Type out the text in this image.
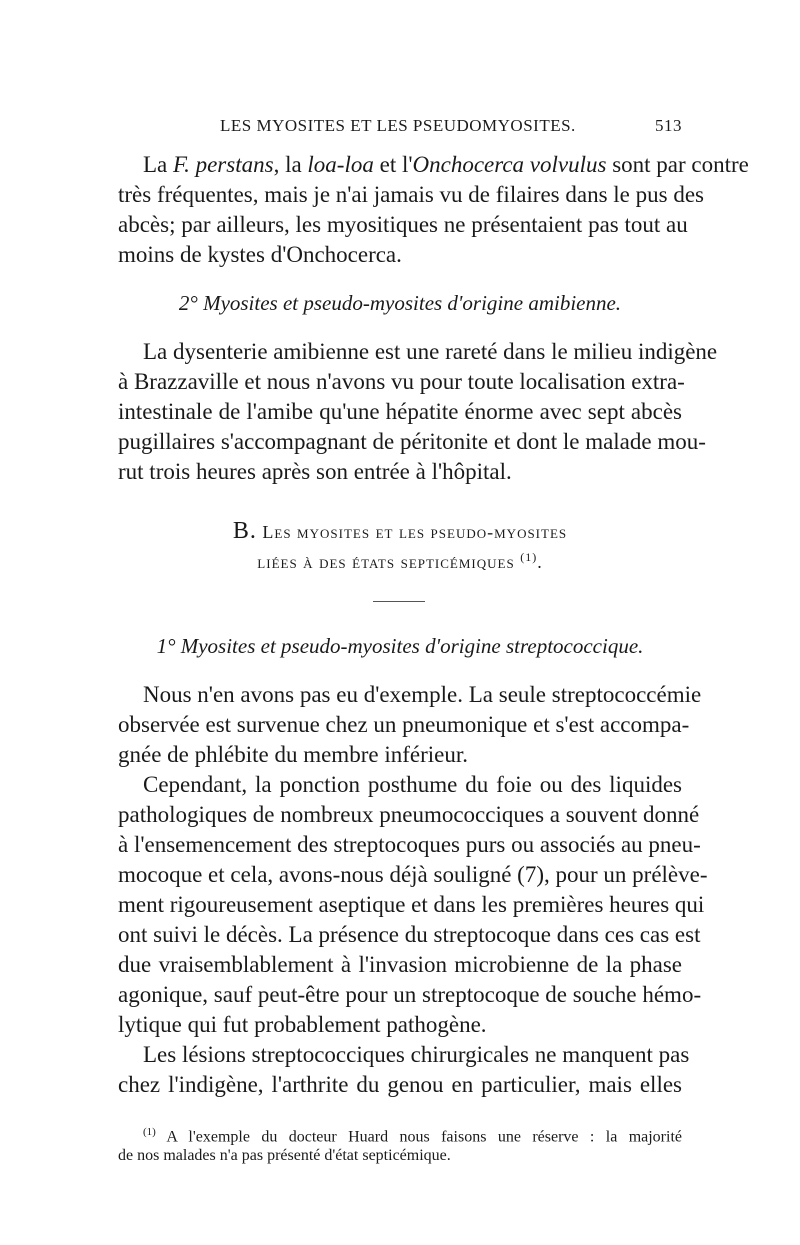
LES MYOSITES ET LES PSEUDOMYOSITES.	513
La F. perstans, la loa-loa et l'Onchocerca volvulus sont par contre
très fréquentes, mais je n'ai jamais vu de filaires dans le pus des
abcès; par ailleurs, les myositiques ne présentaient pas tout au
moins de kystes d'Onchocerca.
2° Myosites et pseudo-myosites d'origine amibienne.
La dysenterie amibienne est une rareté dans le milieu indigène
à Brazzaville et nous n'avons vu pour toute localisation extra-
intestinale de l'amibe qu'une hépatite énorme avec sept abcès
pugillaires s'accompagnant de péritonite et dont le malade mou-
rut trois heures après son entrée à l'hôpital.
B. Les myosites et les pseudo-myosites
liées à des états septicémiques $^{(1)}$.
1° Myosites et pseudo-myosites d'origine streptococcique.
Nous n'en avons pas eu d'exemple. La seule streptococcémie
observée est survenue chez un pneumonique et s'est accompa-
gnée de phlébite du membre inférieur.
Cependant, la ponction posthume du foie ou des liquides
pathologiques de nombreux pneumococciques a souvent donné
à l'ensemencement des streptocoques purs ou associés au pneu-
mocoque et cela, avons-nous déjà souligné (7), pour un prélève-
ment rigoureusement aseptique et dans les premières heures qui
ont suivi le décès. La présence du streptocoque dans ces cas est
due vraisemblablement à l'invasion microbienne de la phase
agonique, sauf peut-être pour un streptocoque de souche hémo-
lytique qui fut probablement pathogène.
Les lésions streptococciques chirurgicales ne manquent pas
chez l'indigène, l'arthrite du genou en particulier, mais elles
$^{(1)}$ A l'exemple du docteur Huard nous faisons une réserve : la majorité
de nos malades n'a pas présenté d'état septicémique.
